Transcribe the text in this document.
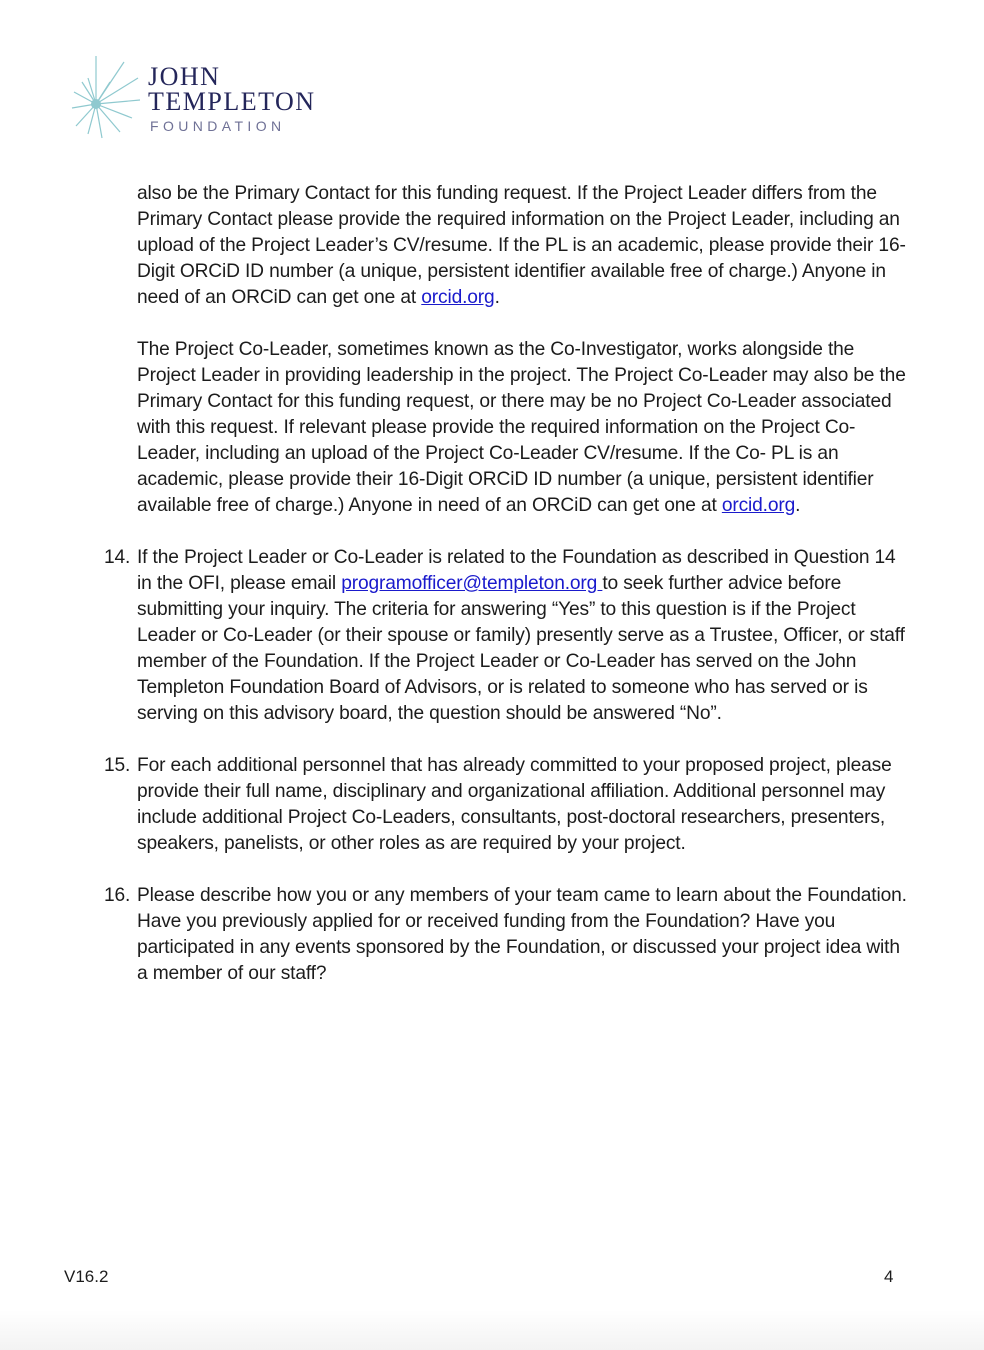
JOHN
TEMPLETON
FOUNDATION

also be the Primary Contact for this funding request. If the Project Leader differs from the Primary Contact please provide the required information on the Project Leader, including an upload of the Project Leader’s CV/resume. If the PL is an academic, please provide their 16-Digit ORCiD ID number (a unique, persistent identifier available free of charge.) Anyone in need of an ORCiD can get one at orcid.org.

The Project Co-Leader, sometimes known as the Co-Investigator, works alongside the Project Leader in providing leadership in the project. The Project Co-Leader may also be the Primary Contact for this funding request, or there may be no Project Co-Leader associated with this request. If relevant please provide the required information on the Project Co-Leader, including an upload of the Project Co-Leader CV/resume. If the Co- PL is an academic, please provide their 16-Digit ORCiD ID number (a unique, persistent identifier available free of charge.) Anyone in need of an ORCiD can get one at orcid.org.

14. If the Project Leader or Co-Leader is related to the Foundation as described in Question 14 in the OFI, please email programofficer@templeton.org to seek further advice before submitting your inquiry. The criteria for answering “Yes” to this question is if the Project Leader or Co-Leader (or their spouse or family) presently serve as a Trustee, Officer, or staff member of the Foundation. If the Project Leader or Co-Leader has served on the John Templeton Foundation Board of Advisors, or is related to someone who has served or is serving on this advisory board, the question should be answered “No”.
15. For each additional personnel that has already committed to your proposed project, please provide their full name, disciplinary and organizational affiliation. Additional personnel may include additional Project Co-Leaders, consultants, post-doctoral researchers, presenters, speakers, panelists, or other roles as are required by your project.
16. Please describe how you or any members of your team came to learn about the Foundation. Have you previously applied for or received funding from the Foundation? Have you participated in any events sponsored by the Foundation, or discussed your project idea with a member of our staff?
V16.2	4
